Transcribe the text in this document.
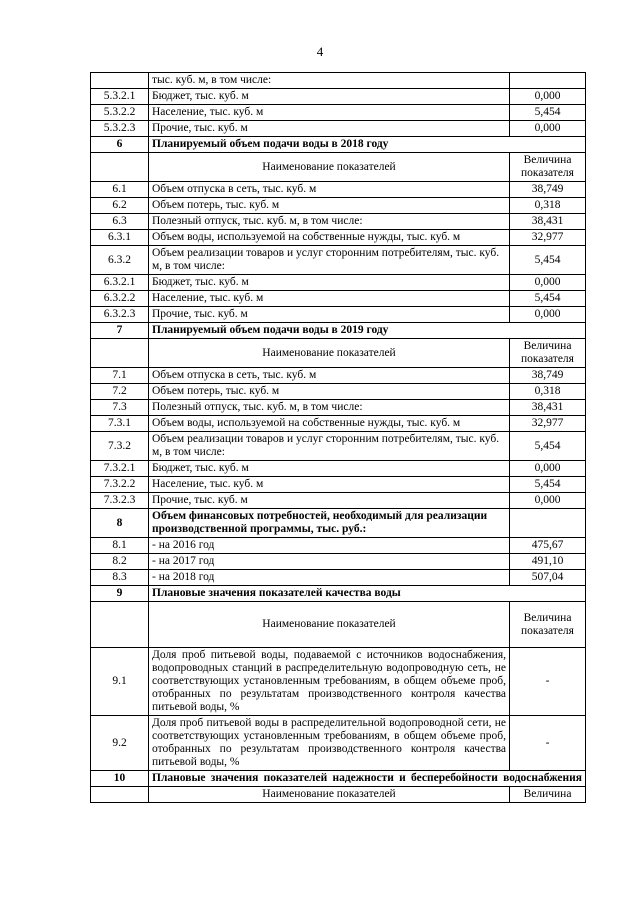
4
	тыс. куб. м, в том числе:	
5.3.2.1	Бюджет, тыс. куб. м	0,000
5.3.2.2	Население, тыс. куб. м	5,454
5.3.2.3	Прочие, тыс. куб. м	0,000
6	Планируемый объем подачи воды в 2018 году	
	Наименование показателей	Величина показателя
6.1	Объем отпуска в сеть, тыс. куб. м	38,749
6.2	Объем потерь, тыс. куб. м	0,318
6.3	Полезный отпуск, тыс. куб. м, в том числе:	38,431
6.3.1	Объем воды, используемой на собственные нужды, тыс. куб. м	32,977
6.3.2	Объем реализации товаров и услуг сторонним потребителям, тыс. куб. м, в том числе:	5,454
6.3.2.1	Бюджет, тыс. куб. м	0,000
6.3.2.2	Население, тыс. куб. м	5,454
6.3.2.3	Прочие, тыс. куб. м	0,000
7	Планируемый объем подачи воды в 2019 году	
	Наименование показателей	Величина показателя
7.1	Объем отпуска в сеть, тыс. куб. м	38,749
7.2	Объем потерь, тыс. куб. м	0,318
7.3	Полезный отпуск, тыс. куб. м, в том числе:	38,431
7.3.1	Объем воды, используемой на собственные нужды, тыс. куб. м	32,977
7.3.2	Объем реализации товаров и услуг сторонним потребителям, тыс. куб. м, в том числе:	5,454
7.3.2.1	Бюджет, тыс. куб. м	0,000
7.3.2.2	Население, тыс. куб. м	5,454
7.3.2.3	Прочие, тыс. куб. м	0,000
8	Объем финансовых потребностей, необходимый для реализации производственной программы, тыс. руб.:	
8.1	- на 2016 год	475,67
8.2	- на 2017 год	491,10
8.3	- на 2018 год	507,04
9	Плановые значения показателей качества воды	
	Наименование показателей	Величина показателя
9.1	Доля проб питьевой воды, подаваемой с источников водоснабжения, водопроводных станций в распределительную водопроводную сеть, не соответствующих установленным требованиям, в общем объеме проб, отобранных по результатам производственного контроля качества питьевой воды, %	-
9.2	Доля проб питьевой воды в распределительной водопроводной сети, не соответствующих установленным требованиям, в общем объеме проб, отобранных по результатам производственного контроля качества питьевой воды, %	-
10	Плановые значения показателей надежности и бесперебойности водоснабжения	
	Наименование показателей	Величина
